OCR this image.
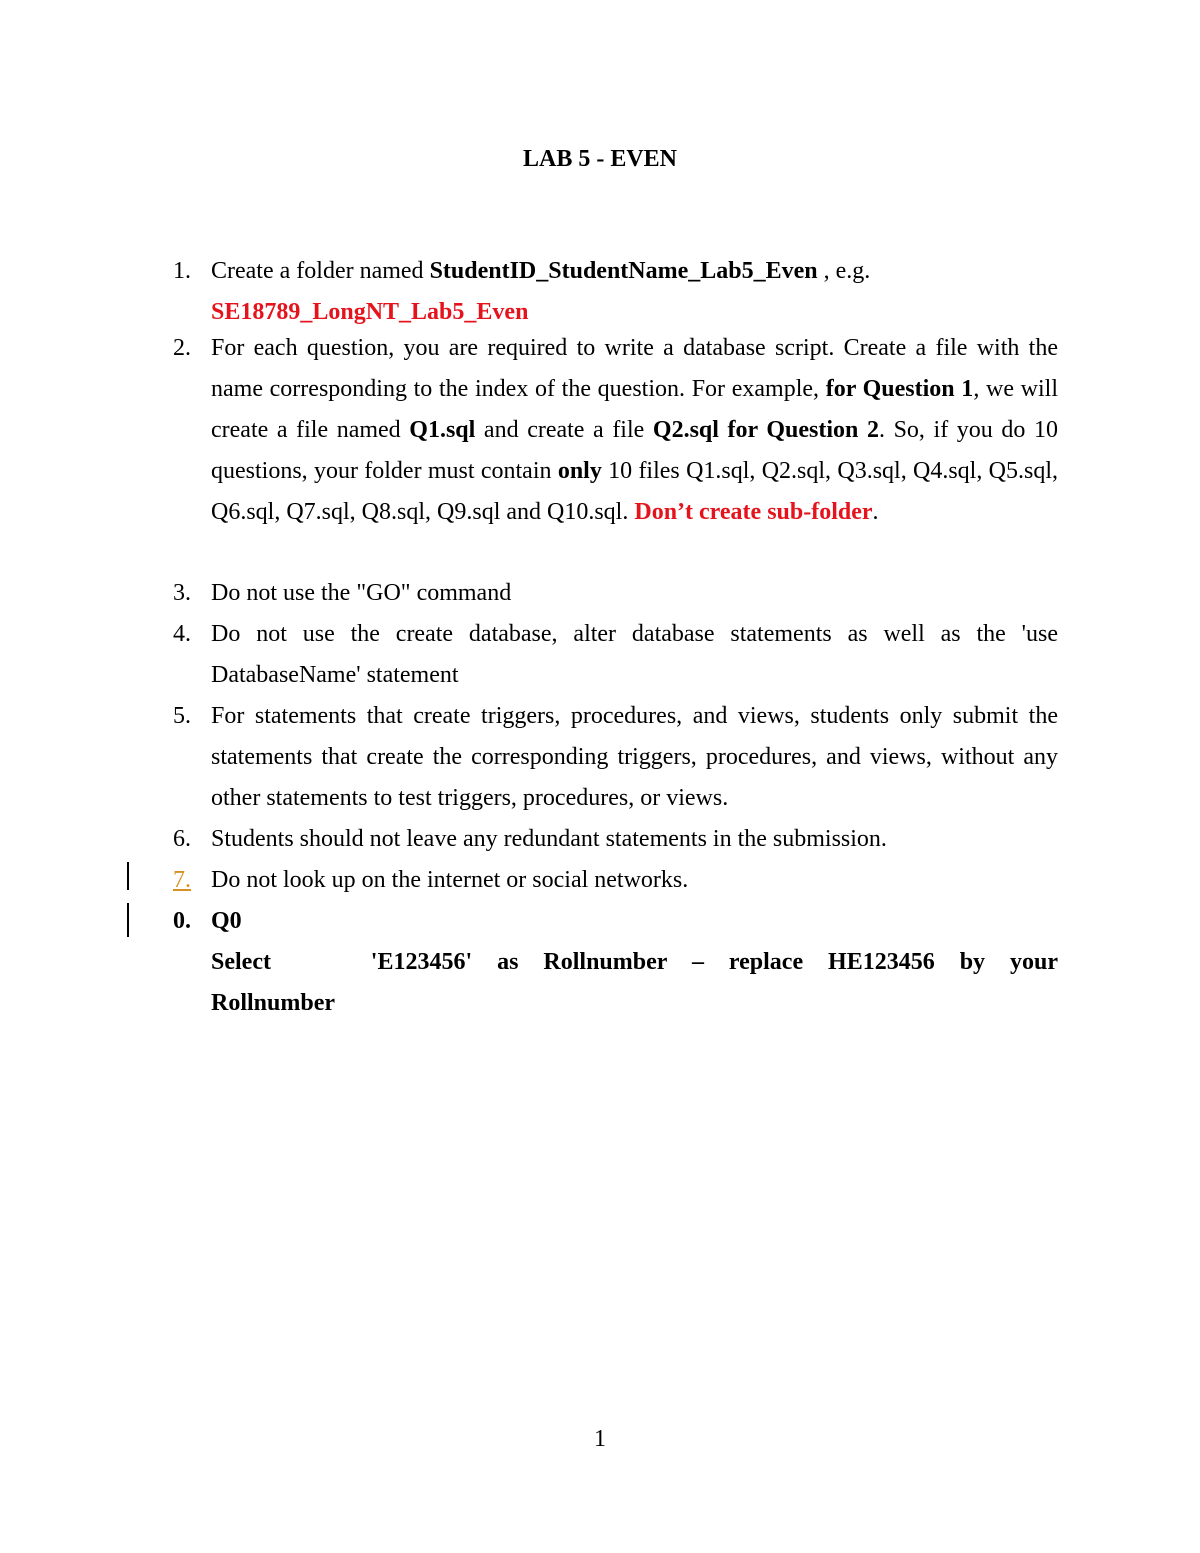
LAB 5 - EVEN
1. Create a folder named StudentID_StudentName_Lab5_Even , e.g.
SE18789_LongNT_Lab5_Even
2. For each question, you are required to write a database script. Create a file with the name corresponding to the index of the question. For example, for Question 1, we will create a file named Q1.sql and create a file Q2.sql for Question 2. So, if you do 10 questions, your folder must contain only 10 files Q1.sql, Q2.sql, Q3.sql, Q4.sql, Q5.sql, Q6.sql, Q7.sql, Q8.sql, Q9.sql and Q10.sql. Don’t create sub-folder.
3. Do not use the "GO" command
4. Do not use the create database, alter database statements as well as the 'use DatabaseName' statement
5. For statements that create triggers, procedures, and views, students only submit the statements that create the corresponding triggers, procedures, and views, without any other statements to test triggers, procedures, or views.
6. Students should not leave any redundant statements in the submission.
7. Do not look up on the internet or social networks.
0. Q0
Select    'E123456' as Rollnumber – replace HE123456 by your
Rollnumber
1
